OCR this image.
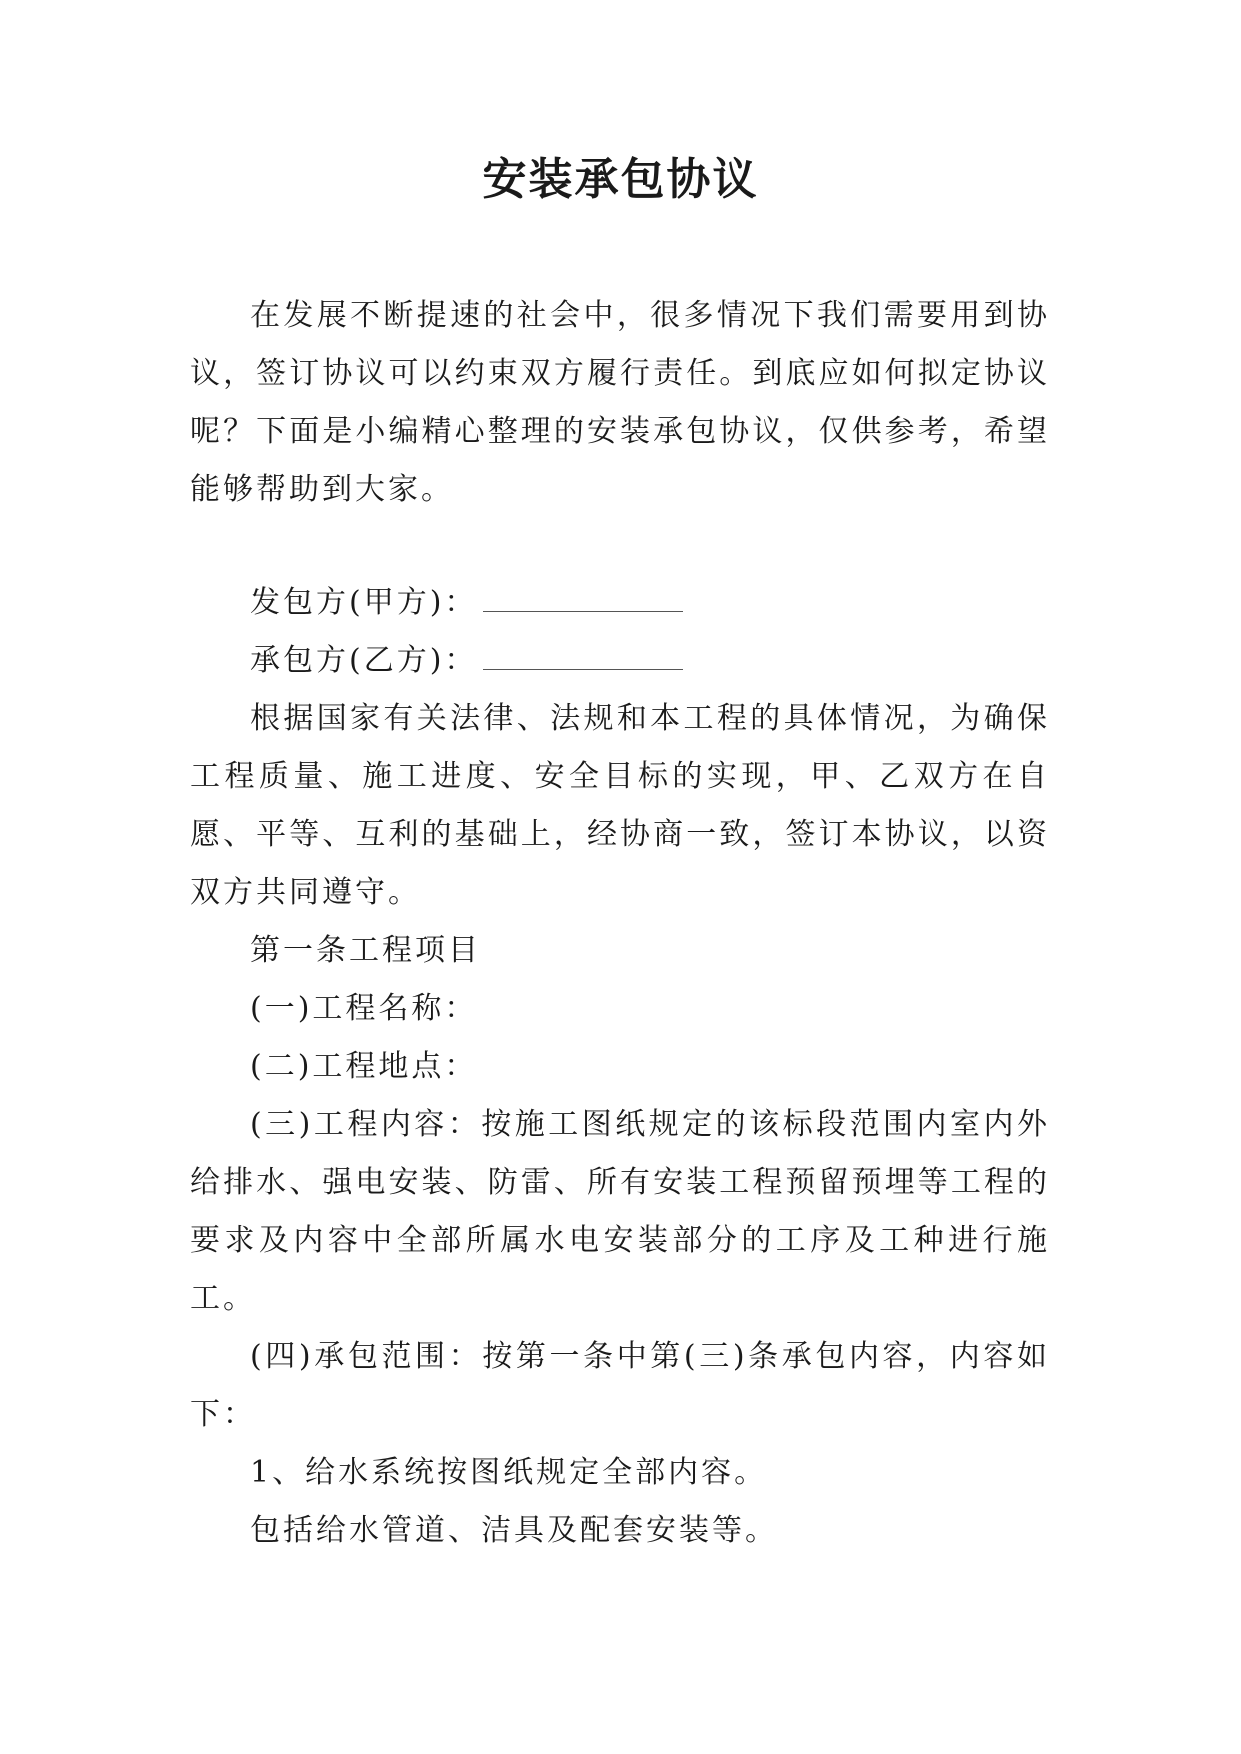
安装承包协议

在发展不断提速的社会中，很多情况下我们需要用到协议，签订协议可以约束双方履行责任。到底应如何拟定协议呢？下面是小编精心整理的安装承包协议，仅供参考，希望能够帮助到大家。

发包方(甲方)：

承包方(乙方)：

根据国家有关法律、法规和本工程的具体情况，为确保工程质量、施工进度、安全目标的实现，甲、乙双方在自愿、平等、互利的基础上，经协商一致，签订本协议，以资双方共同遵守。

第一条工程项目

(一)工程名称：

(二)工程地点：

(三)工程内容：按施工图纸规定的该标段范围内室内外给排水、强电安装、防雷、所有安装工程预留预埋等工程的要求及内容中全部所属水电安装部分的工序及工种进行施工。

(四)承包范围：按第一条中第(三)条承包内容，内容如下：

1、给水系统按图纸规定全部内容。

包括给水管道、洁具及配套安装等。
